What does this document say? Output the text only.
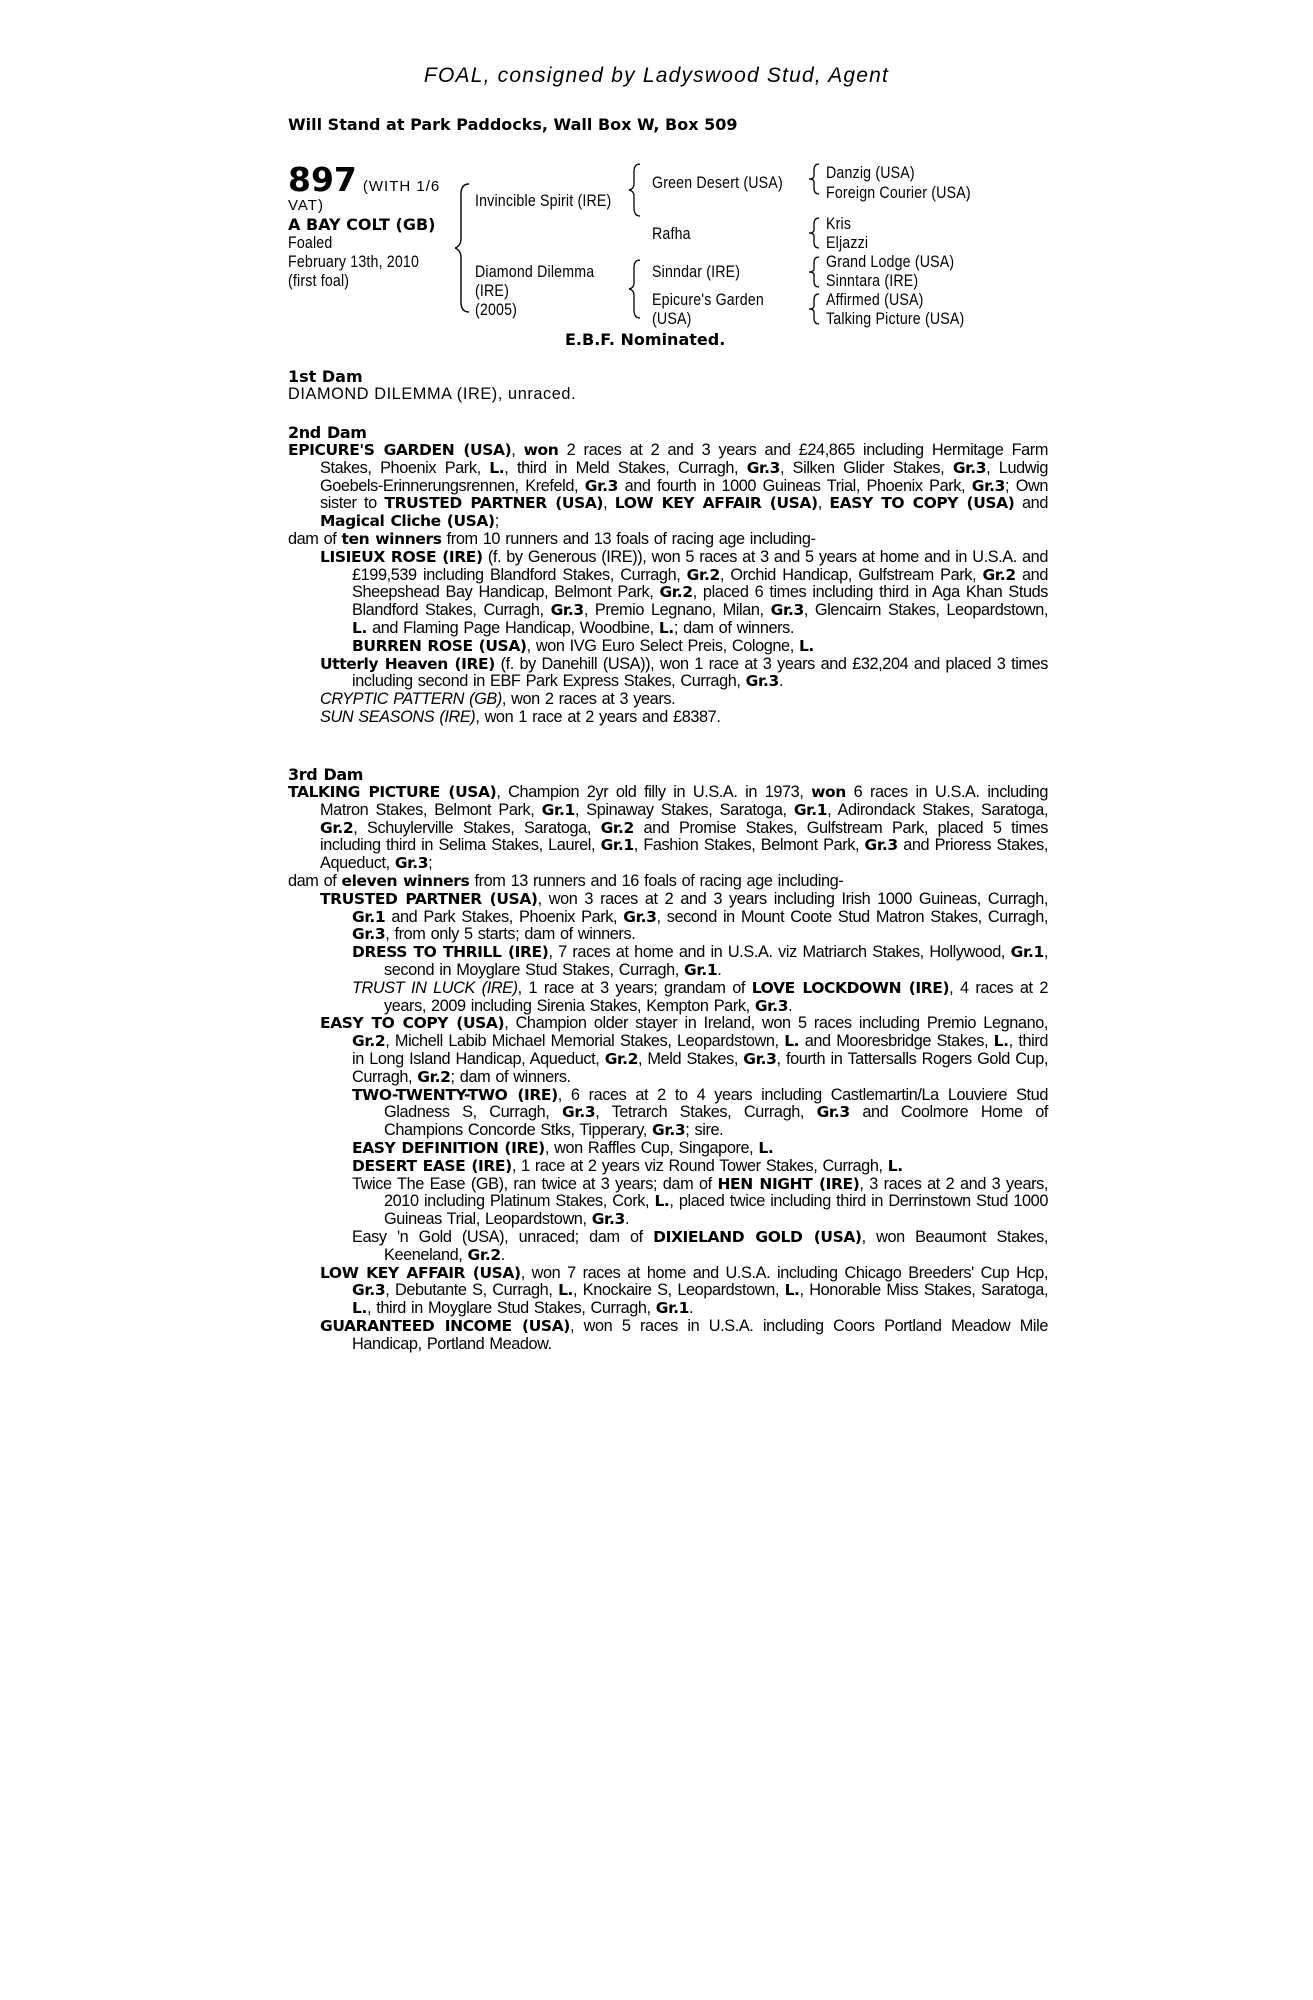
FOAL, consigned by Ladyswood Stud, Agent
Will Stand at Park Paddocks, Wall Box W, Box 509
897 (WITH 1/6
VAT)
A BAY COLT (GB)
Foaled
February 13th, 2010
(first foal)
Invincible Spirit (IRE)
Green Desert (USA)
Rafha
Danzig (USA)
Foreign Courier (USA)
Kris
Eljazzi
Diamond Dilemma
(IRE)
(2005)
Sinndar (IRE)
Epicure's Garden
(USA)
Grand Lodge (USA)
Sinntara (IRE)
Affirmed (USA)
Talking Picture (USA)
E.B.F. Nominated.
1st Dam
DIAMOND DILEMMA (IRE), unraced.
2nd Dam
EPICURE'S GARDEN (USA), won 2 races at 2 and 3 years and £24,865 including Hermitage Farm Stakes, Phoenix Park, L., third in Meld Stakes, Curragh, Gr.3, Silken Glider Stakes, Gr.3, Ludwig Goebels-Erinnerungsrennen, Krefeld, Gr.3 and fourth in 1000 Guineas Trial, Phoenix Park, Gr.3; Own sister to TRUSTED PARTNER (USA), LOW KEY AFFAIR (USA), EASY TO COPY (USA) and Magical Cliche (USA);
dam of ten winners from 10 runners and 13 foals of racing age including-
LISIEUX ROSE (IRE) (f. by Generous (IRE)), won 5 races at 3 and 5 years at home and in U.S.A. and £199,539 including Blandford Stakes, Curragh, Gr.2, Orchid Handicap, Gulfstream Park, Gr.2 and Sheepshead Bay Handicap, Belmont Park, Gr.2, placed 6 times including third in Aga Khan Studs Blandford Stakes, Curragh, Gr.3, Premio Legnano, Milan, Gr.3, Glencairn Stakes, Leopardstown, L. and Flaming Page Handicap, Woodbine, L.; dam of winners.
BURREN ROSE (USA), won IVG Euro Select Preis, Cologne, L.
Utterly Heaven (IRE) (f. by Danehill (USA)), won 1 race at 3 years and £32,204 and placed 3 times including second in EBF Park Express Stakes, Curragh, Gr.3.
CRYPTIC PATTERN (GB), won 2 races at 3 years.
SUN SEASONS (IRE), won 1 race at 2 years and £8387.
3rd Dam
TALKING PICTURE (USA), Champion 2yr old filly in U.S.A. in 1973, won 6 races in U.S.A. including Matron Stakes, Belmont Park, Gr.1, Spinaway Stakes, Saratoga, Gr.1, Adirondack Stakes, Saratoga, Gr.2, Schuylerville Stakes, Saratoga, Gr.2 and Promise Stakes, Gulfstream Park, placed 5 times including third in Selima Stakes, Laurel, Gr.1, Fashion Stakes, Belmont Park, Gr.3 and Prioress Stakes, Aqueduct, Gr.3;
dam of eleven winners from 13 runners and 16 foals of racing age including-
TRUSTED PARTNER (USA), won 3 races at 2 and 3 years including Irish 1000 Guineas, Curragh, Gr.1 and Park Stakes, Phoenix Park, Gr.3, second in Mount Coote Stud Matron Stakes, Curragh, Gr.3, from only 5 starts; dam of winners.
DRESS TO THRILL (IRE), 7 races at home and in U.S.A. viz Matriarch Stakes, Hollywood, Gr.1, second in Moyglare Stud Stakes, Curragh, Gr.1.
TRUST IN LUCK (IRE), 1 race at 3 years; grandam of LOVE LOCKDOWN (IRE), 4 races at 2 years, 2009 including Sirenia Stakes, Kempton Park, Gr.3.
EASY TO COPY (USA), Champion older stayer in Ireland, won 5 races including Premio Legnano, Gr.2, Michell Labib Michael Memorial Stakes, Leopardstown, L. and Mooresbridge Stakes, L., third in Long Island Handicap, Aqueduct, Gr.2, Meld Stakes, Gr.3, fourth in Tattersalls Rogers Gold Cup, Curragh, Gr.2; dam of winners.
TWO-TWENTY-TWO (IRE), 6 races at 2 to 4 years including Castlemartin/La Louviere Stud Gladness S, Curragh, Gr.3, Tetrarch Stakes, Curragh, Gr.3 and Coolmore Home of Champions Concorde Stks, Tipperary, Gr.3; sire.
EASY DEFINITION (IRE), won Raffles Cup, Singapore, L.
DESERT EASE (IRE), 1 race at 2 years viz Round Tower Stakes, Curragh, L.
Twice The Ease (GB), ran twice at 3 years; dam of HEN NIGHT (IRE), 3 races at 2 and 3 years, 2010 including Platinum Stakes, Cork, L., placed twice including third in Derrinstown Stud 1000 Guineas Trial, Leopardstown, Gr.3.
Easy 'n Gold (USA), unraced; dam of DIXIELAND GOLD (USA), won Beaumont Stakes, Keeneland, Gr.2.
LOW KEY AFFAIR (USA), won 7 races at home and U.S.A. including Chicago Breeders' Cup Hcp, Gr.3, Debutante S, Curragh, L., Knockaire S, Leopardstown, L., Honorable Miss Stakes, Saratoga, L., third in Moyglare Stud Stakes, Curragh, Gr.1.
GUARANTEED INCOME (USA), won 5 races in U.S.A. including Coors Portland Meadow Mile Handicap, Portland Meadow.
